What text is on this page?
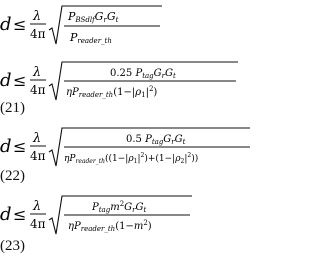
d ≤ λ
4π
PBSdlfGrGt
Preader_th
d ≤ λ
4π
0.25 $P_{tag}G_rG_t$
$\eta P_{reader\_th}(1-|\rho_1|^2)$
(21)
d ≤ λ
4π
0.5 $P_{tag}G_rG_t$
$\eta P_{reader\_th}((1-|\rho_1|^2)+(1-|\rho_2|^2))$
(22)
d ≤ λ
4π
$P_{tag}m^2G_rG_t$
$\eta P_{reader\_th}(1-m^2)$
(23)
